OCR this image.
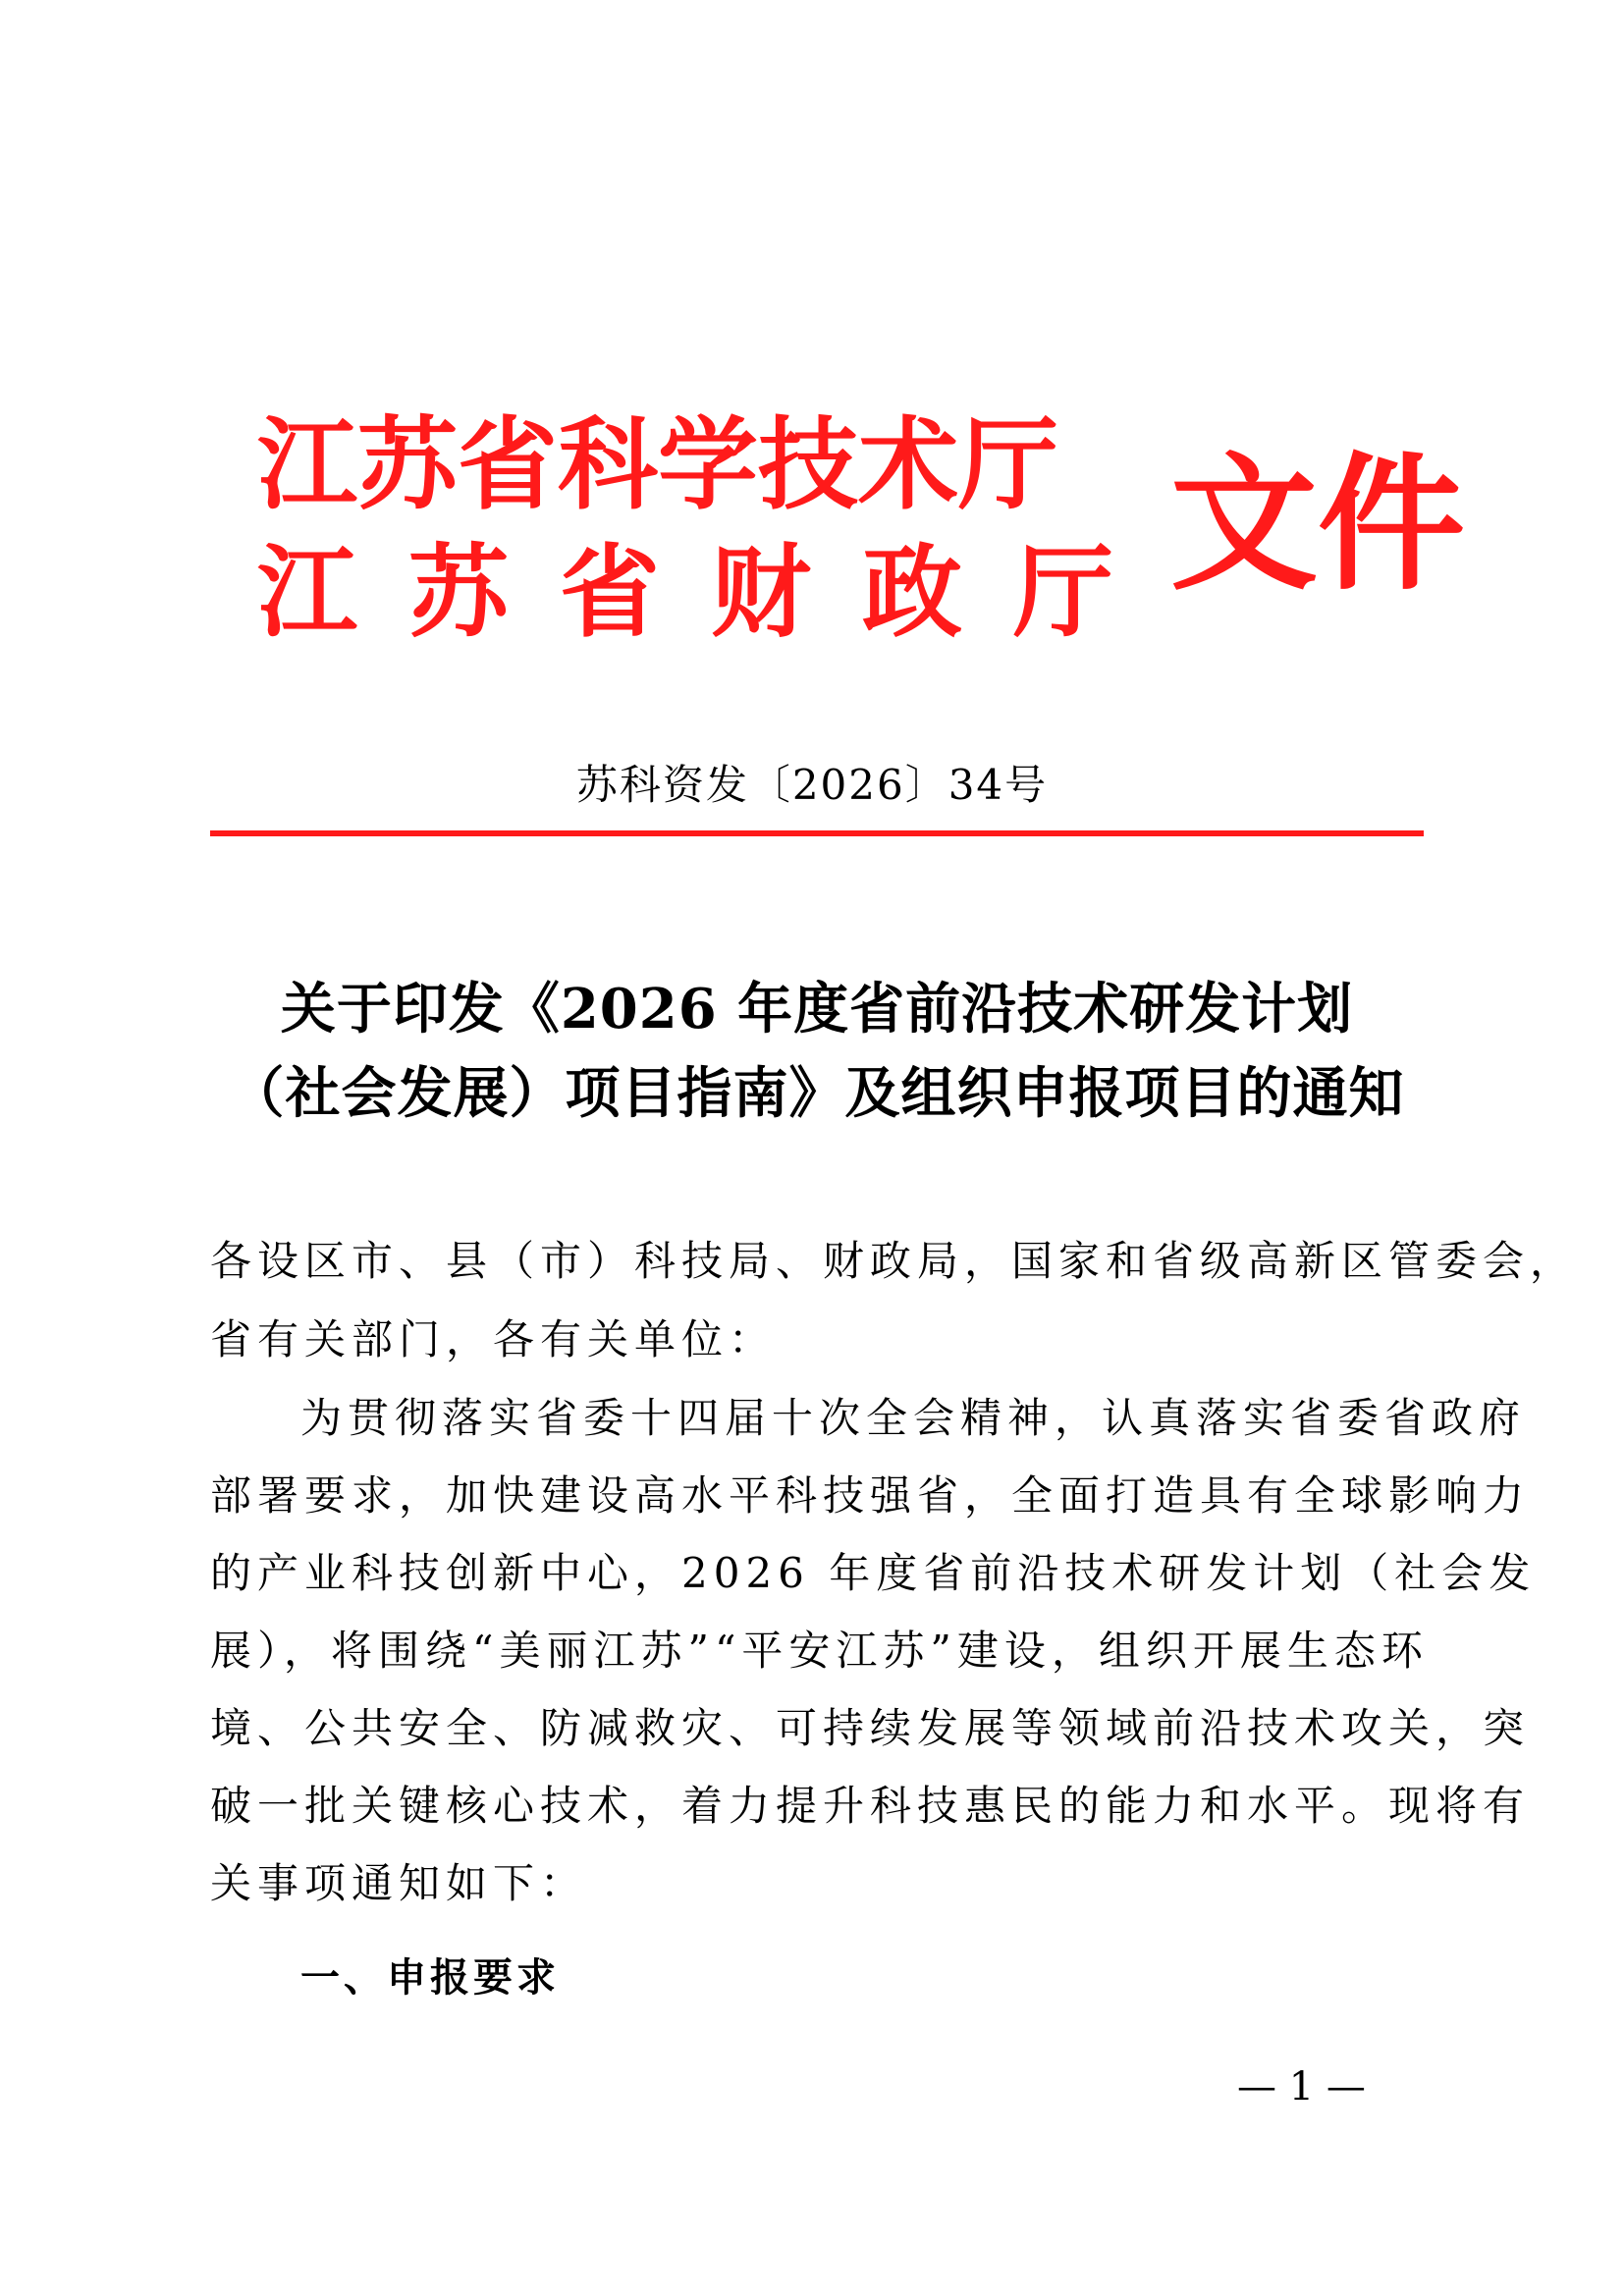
江苏省科学技术厅
江苏省财政厅 文件
苏科资发〔2026〕34号
关于印发《2026 年度省前沿技术研发计划
（社会发展）项目指南》及组织申报项目的通知
各设区市、县（市）科技局、财政局，国家和省级高新区管委会，
省有关部门，各有关单位：
为贯彻落实省委十四届十次全会精神，认真落实省委省政府
部署要求，加快建设高水平科技强省，全面打造具有全球影响力
的产业科技创新中心，2026 年度省前沿技术研发计划（社会发
展），将围绕“美丽江苏”“平安江苏”建设，组织开展生态环
境、公共安全、防减救灾、可持续发展等领域前沿技术攻关，突
破一批关键核心技术，着力提升科技惠民的能力和水平。现将有
关事项通知如下：
一、申报要求
— 1 —
